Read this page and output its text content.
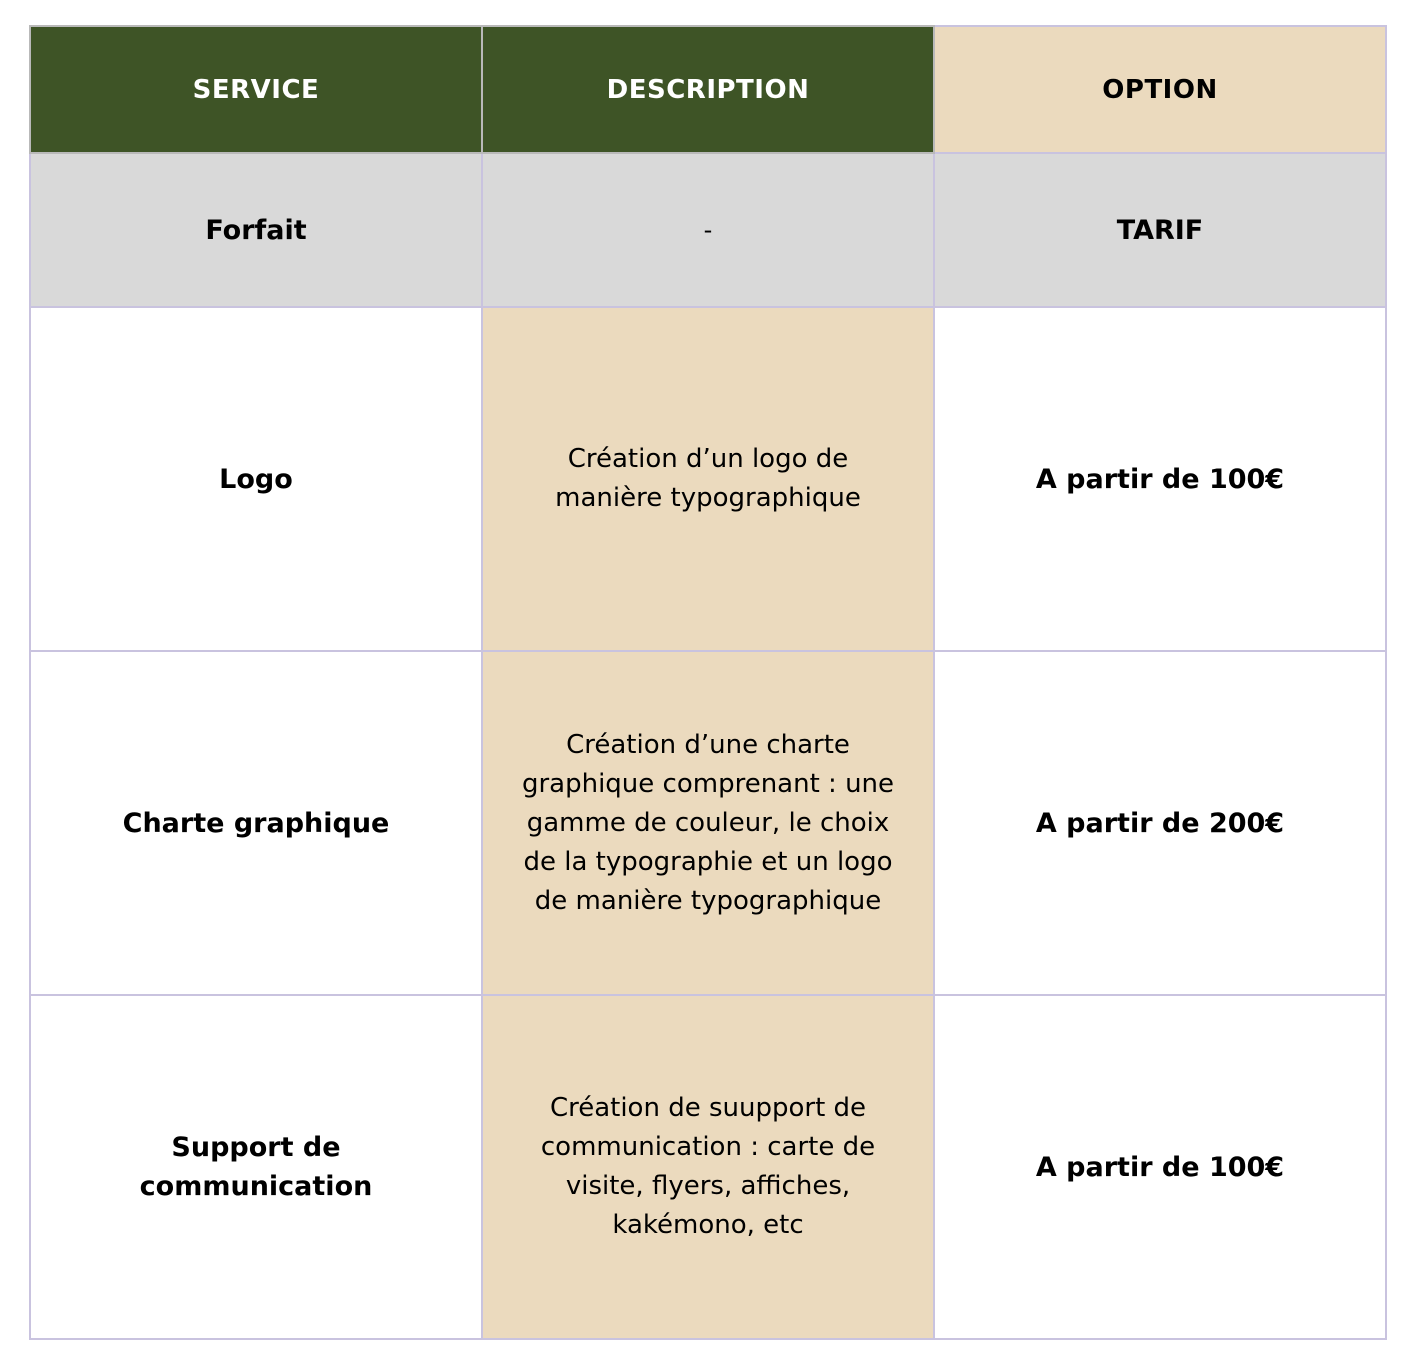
SERVICE	DESCRIPTION	OPTION
Forfait	-	TARIF
Logo	Création d’un logo de manière typographique	A partir de 100€
Charte graphique	Création d’une charte graphique comprenant : une gamme de couleur, le choix de la typographie et un logo de manière typographique	A partir de 200€
Support de communication	Création de suupport de communication : carte de visite, flyers, affiches, kakémono, etc	A partir de 100€
